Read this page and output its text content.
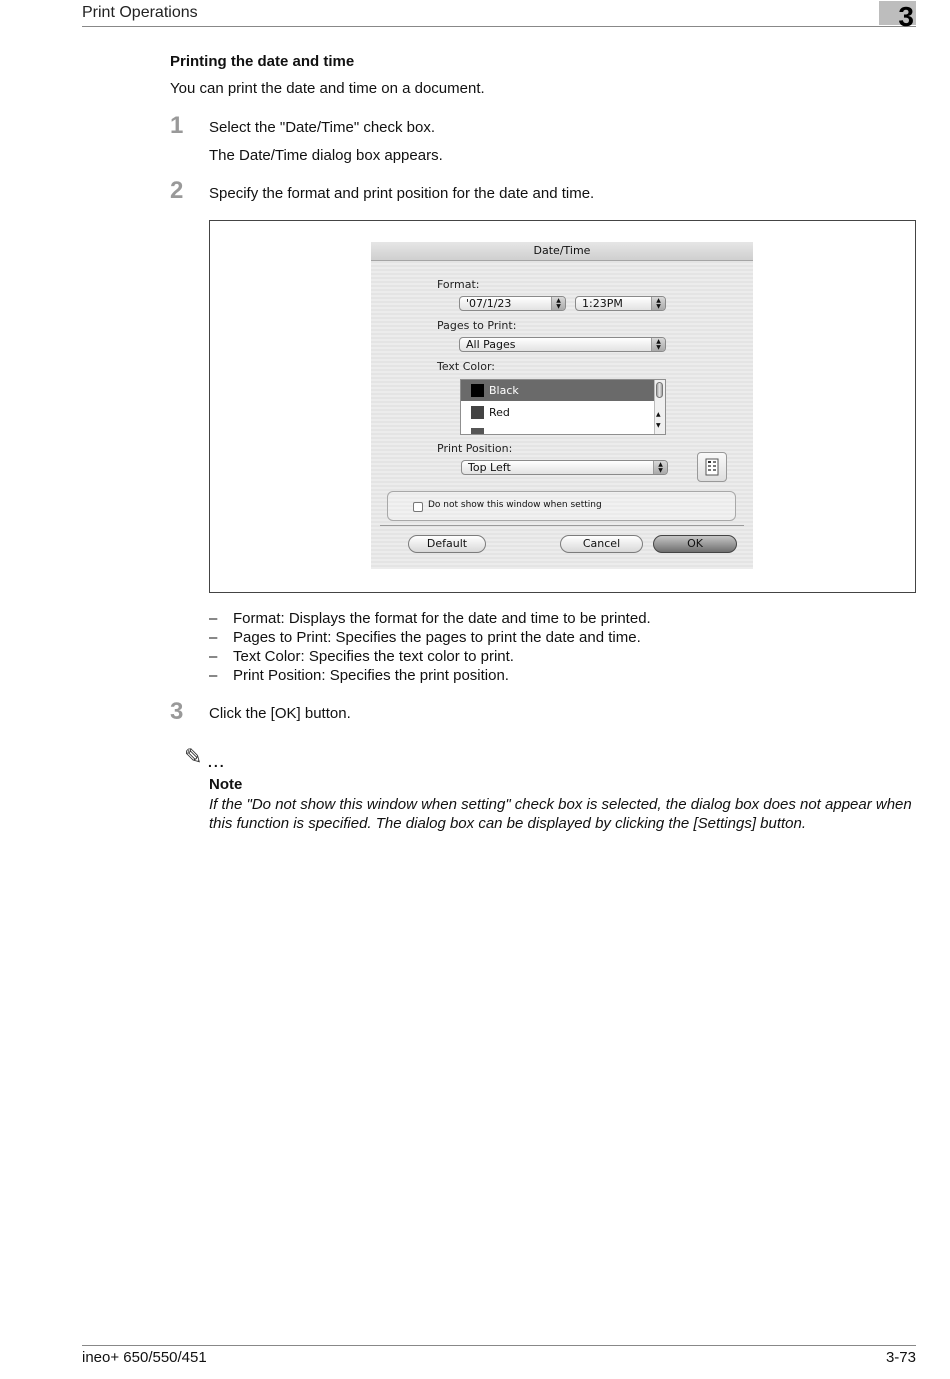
Print Operations	3
Printing the date and time
You can print the date and time on a document.
1 Select the "Date/Time" check box.
The Date/Time dialog box appears.
2 Specify the format and print position for the date and time.
Date/Time
Format:
'07/1/23	▲
▼	1:23PM	▲
▼
Pages to Print:
All Pages	▲
▼
Text Color:
Black
Red	▲
▼
Print Position:
Top Left	▲
▼
Do not show this window when setting
Default	Cancel	OK
– Format: Displays the format for the date and time to be printed.
– Pages to Print: Specifies the pages to print the date and time.
– Text Color: Specifies the text color to print.
– Print Position: Specifies the print position.
3 Click the [OK] button.
✎ ...
Note
If the "Do not show this window when setting" check box is selected, the dialog box does not appear when this function is specified. The dialog box can be displayed by clicking the [Settings] button.
ineo+ 650/550/451	3-73
